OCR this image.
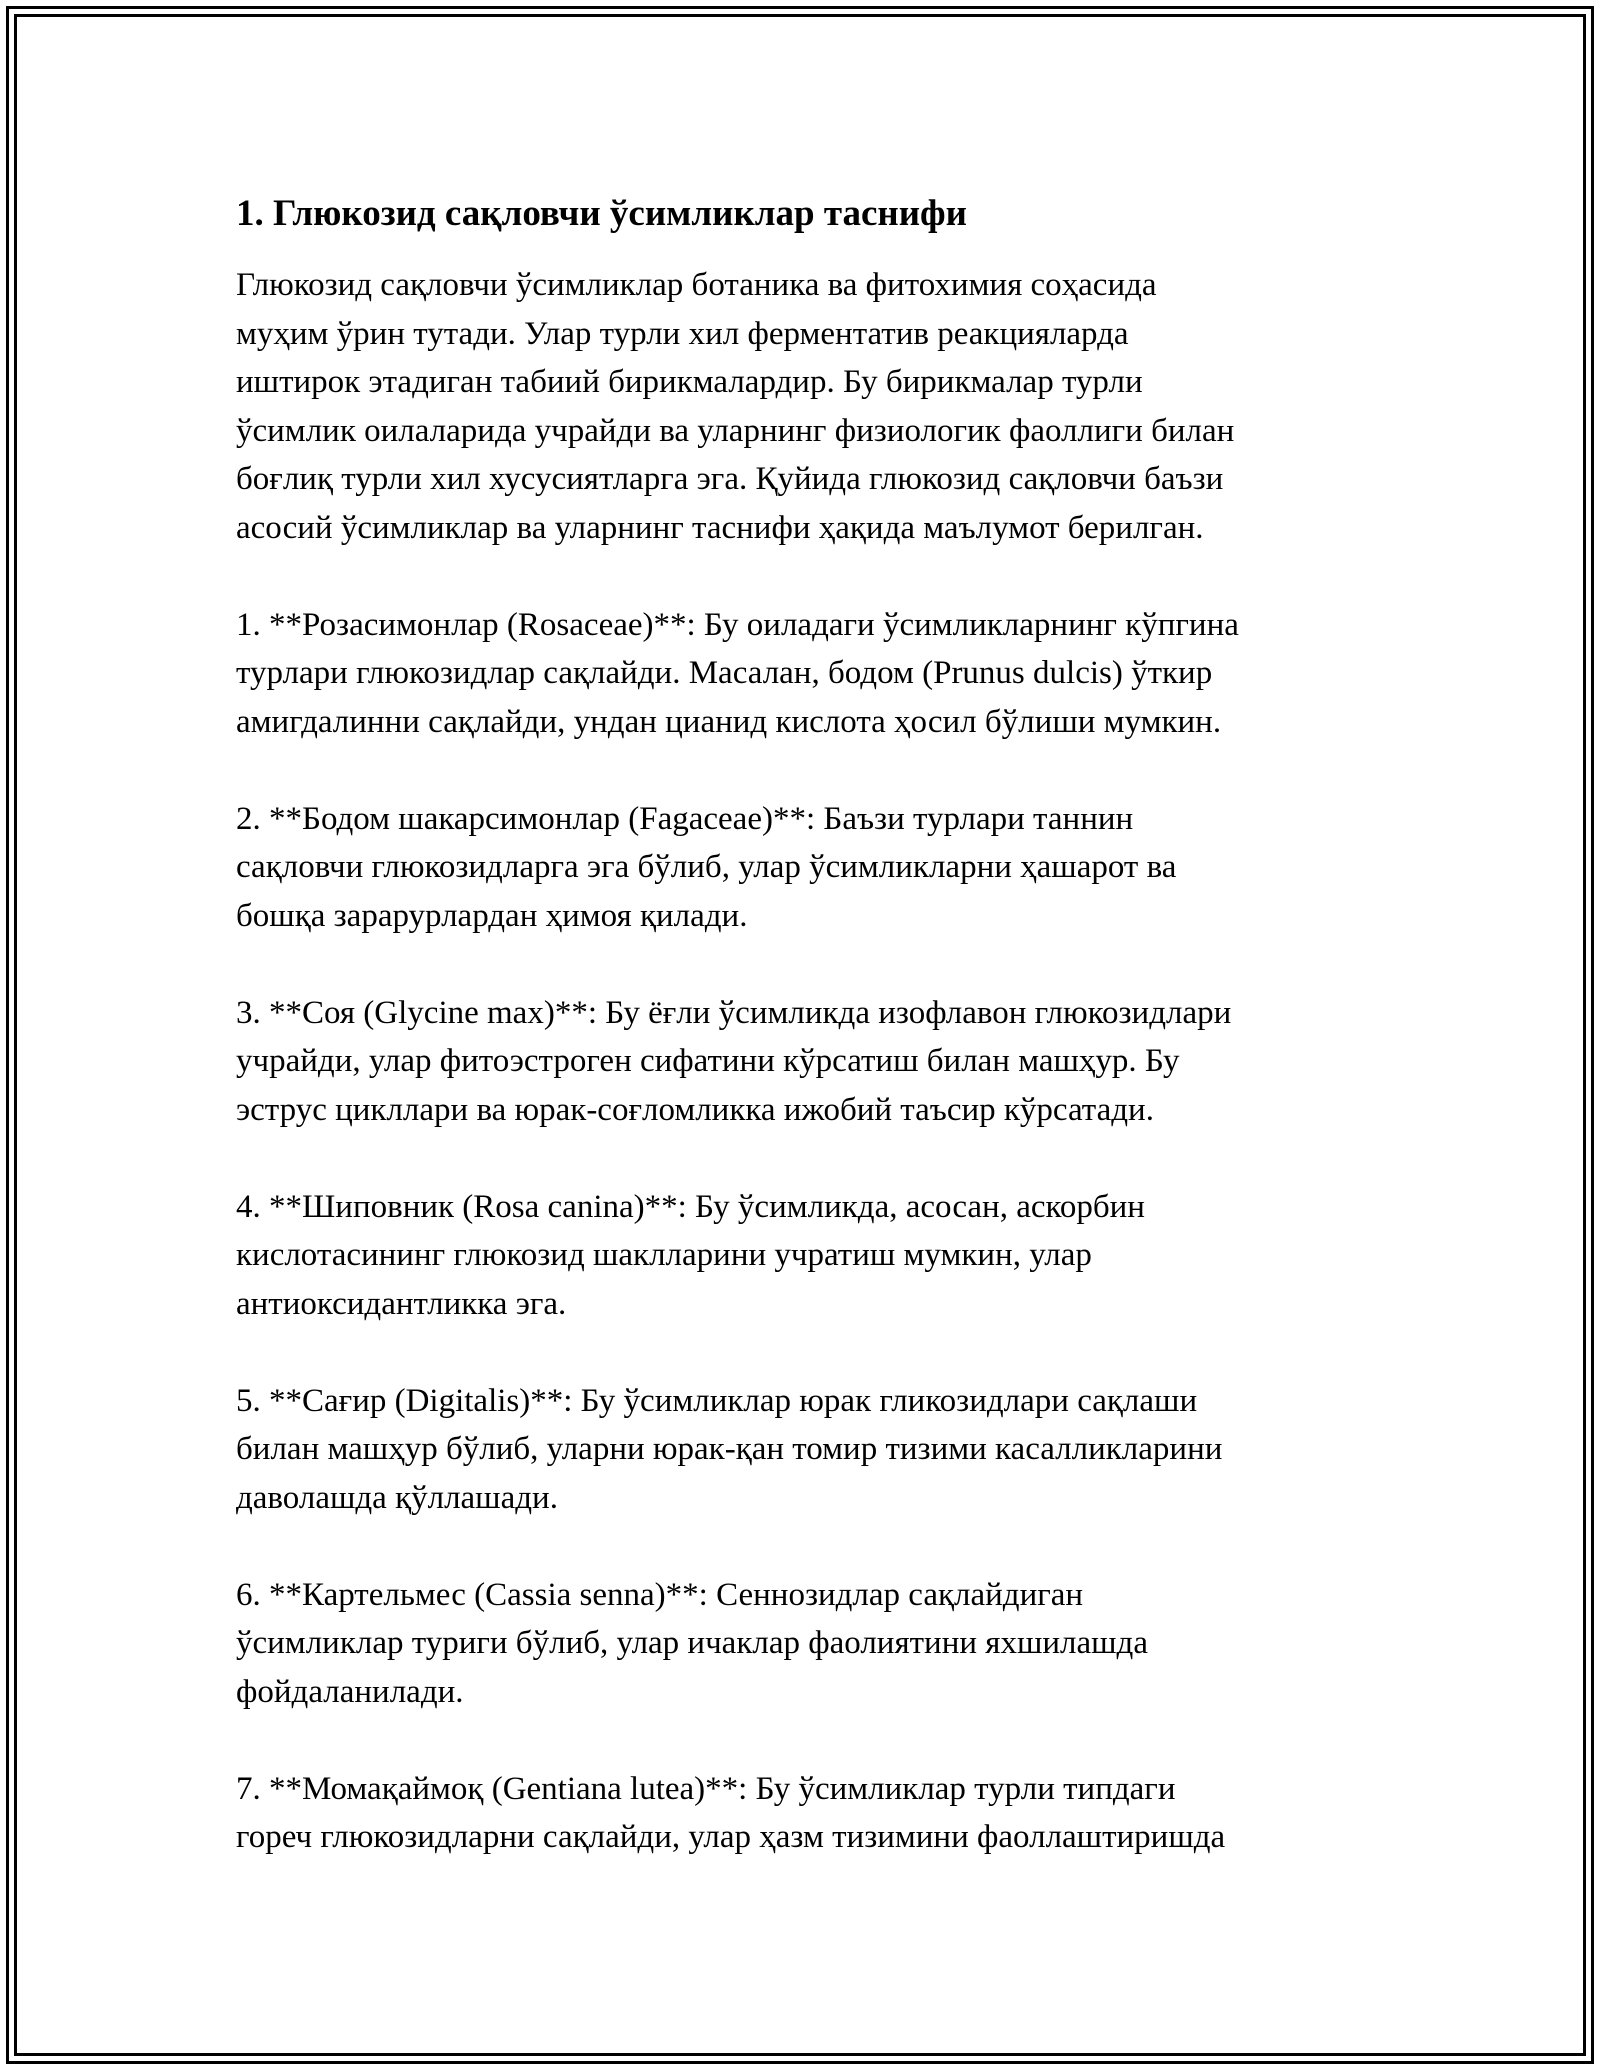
1. Глюкозид сақловчи ўсимликлар таснифи
Глюкозид сақловчи ўсимликлар ботаника ва фитохимия соҳасида
муҳим ўрин тутади. Улар турли хил ферментатив реакцияларда
иштирок этадиган табиий бирикмалардир. Бу бирикмалар турли
ўсимлик оилаларида учрайди ва уларнинг физиологик фаоллиги билан
боғлиқ турли хил хусусиятларга эга. Қуйида глюкозид сақловчи баъзи
асосий ўсимликлар ва уларнинг таснифи ҳақида маълумот берилган.
1. **Розасимонлар (Rosaceae)**: Бу оиладаги ўсимликларнинг кўпгина
турлари глюкозидлар сақлайди. Масалан, бодом (Prunus dulcis) ўткир
амигдалинни сақлайди, ундан цианид кислота ҳосил бўлиши мумкин.
2. **Бодом шакарсимонлар (Fagaceae)**: Баъзи турлари таннин
сақловчи глюкозидларга эга бўлиб, улар ўсимликларни ҳашарот ва
бошқа зарарурлардан ҳимоя қилади.
3. **Соя (Glycine max)**: Бу ёғли ўсимликда изофлавон глюкозидлари
учрайди, улар фитоэстроген сифатини кўрсатиш билан машҳур. Бу
эструс цикллари ва юрак-соғломликка ижобий таъсир кўрсатади.
4. **Шиповник (Rosa canina)**: Бу ўсимликда, асосан, аскорбин
кислотасининг глюкозид шаклларини учратиш мумкин, улар
антиоксидантликка эга.
5. **Сағир (Digitalis)**: Бу ўсимликлар юрак гликозидлари сақлаши
билан машҳур бўлиб, уларни юрак-қан томир тизими касалликларини
даволашда қўллашади.
6. **Картельмес (Cassia senna)**: Сеннозидлар сақлайдиган
ўсимликлар туриги бўлиб, улар ичаклар фаолиятини яхшилашда
фойдаланилади.
7. **Момақаймоқ (Gentiana lutea)**: Бу ўсимликлар турли типдаги
гореч глюкозидларни сақлайди, улар ҳазм тизимини фаоллаштиришда
